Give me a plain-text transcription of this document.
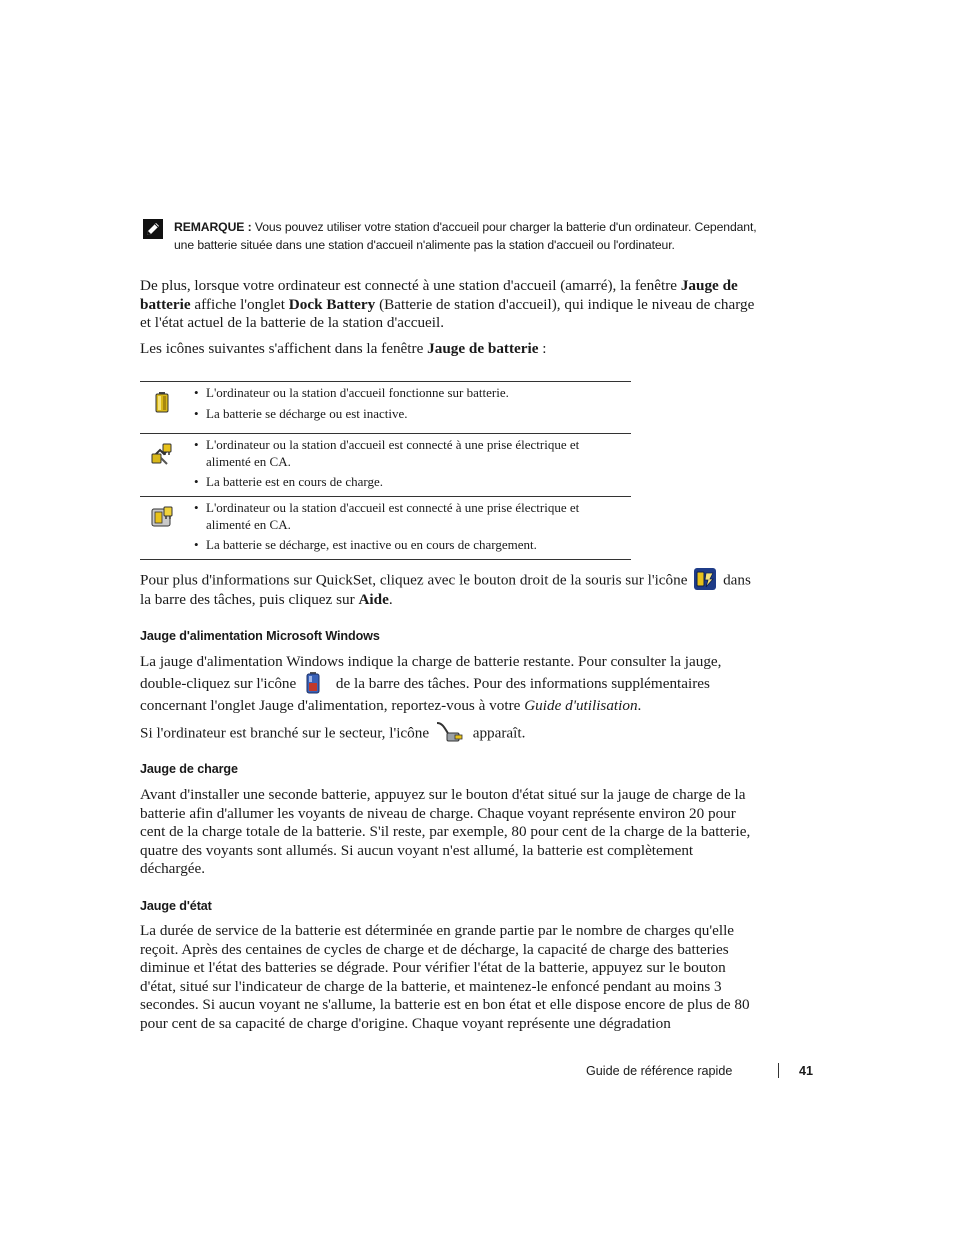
REMARQUE : Vous pouvez utiliser votre station d'accueil pour charger la batterie d'un ordinateur. Cependant, une batterie située dans une station d'accueil n'alimente pas la station d'accueil ou l'ordinateur.
De plus, lorsque votre ordinateur est connecté à une station d'accueil (amarré), la fenêtre Jauge de batterie affiche l'onglet Dock Battery (Batterie de station d'accueil), qui indique le niveau de charge et l'état actuel de la batterie de la station d'accueil.
Les icônes suivantes s'affichent dans la fenêtre Jauge de batterie :
• L'ordinateur ou la station d'accueil fonctionne sur batterie.
• La batterie se décharge ou est inactive.
• L'ordinateur ou la station d'accueil est connecté à une prise électrique et alimenté en CA.
• La batterie est en cours de charge.
• L'ordinateur ou la station d'accueil est connecté à une prise électrique et alimenté en CA.
• La batterie se décharge, est inactive ou en cours de chargement.
Pour plus d'informations sur QuickSet, cliquez avec le bouton droit de la souris sur l'icône  dans la barre des tâches, puis cliquez sur Aide.
Jauge d'alimentation Microsoft Windows
La jauge d'alimentation Windows indique la charge de batterie restante. Pour consulter la jauge, double-cliquez sur l'icône  de la barre des tâches. Pour des informations supplémentaires concernant l'onglet Jauge d'alimentation, reportez-vous à votre Guide d'utilisation.
Si l'ordinateur est branché sur le secteur, l'icône  apparaît.
Jauge de charge
Avant d'installer une seconde batterie, appuyez sur le bouton d'état situé sur la jauge de charge de la batterie afin d'allumer les voyants de niveau de charge. Chaque voyant représente environ 20 pour cent de la charge totale de la batterie. S'il reste, par exemple, 80 pour cent de la charge de la batterie, quatre des voyants sont allumés. Si aucun voyant n'est allumé, la batterie est complètement déchargée.
Jauge d'état
La durée de service de la batterie est déterminée en grande partie par le nombre de charges qu'elle reçoit. Après des centaines de cycles de charge et de décharge, la capacité de charge des batteries diminue et l'état des batteries se dégrade. Pour vérifier l'état de la batterie, appuyez sur le bouton d'état, situé sur l'indicateur de charge de la batterie, et maintenez-le enfoncé pendant au moins 3 secondes. Si aucun voyant ne s'allume, la batterie est en bon état et elle dispose encore de plus de 80 pour cent de sa capacité de charge d'origine. Chaque voyant représente une dégradation
Guide de référence rapide	41
